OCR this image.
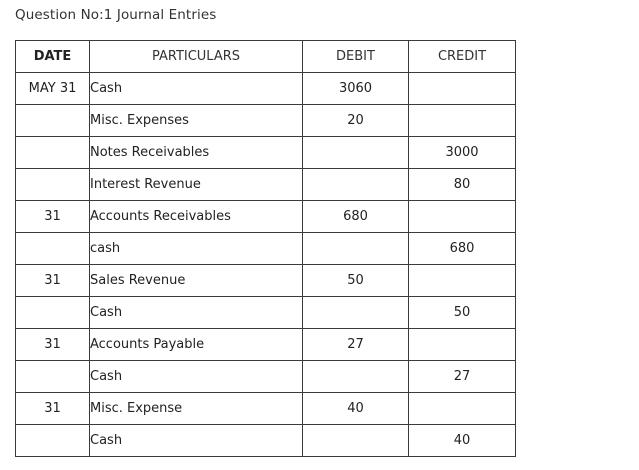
Question No:1 Journal Entries
DATE	PARTICULARS	DEBIT	CREDIT
MAY 31	Cash	3060	
	Misc. Expenses	20	
	Notes Receivables		3000
	Interest Revenue		80
31	Accounts Receivables	680	
	cash		680
31	Sales Revenue	50	
	Cash		50
31	Accounts Payable	27	
	Cash		27
31	Misc. Expense	40	
	Cash		40
